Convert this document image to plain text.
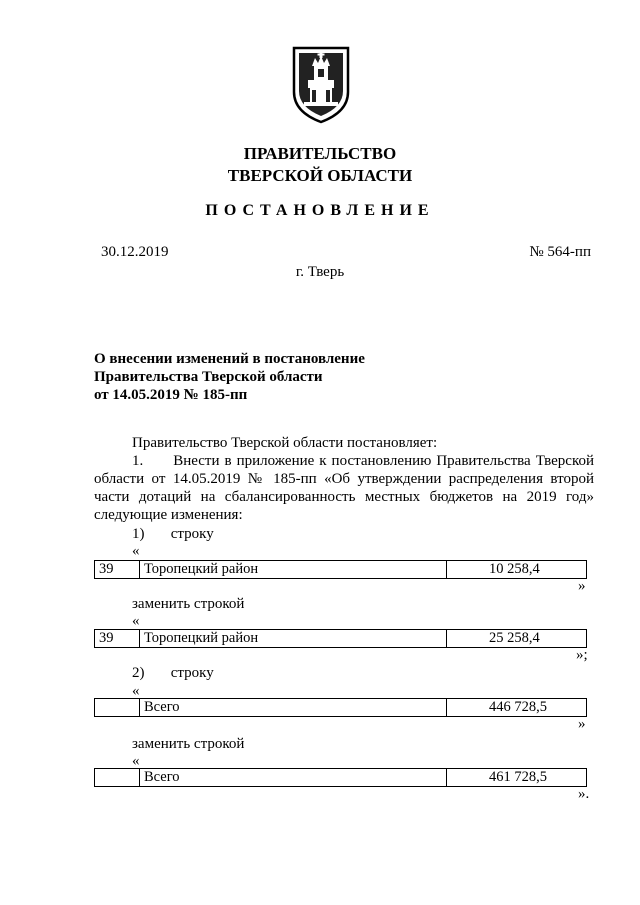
ПРАВИТЕЛЬСТВО
ТВЕРСКОЙ ОБЛАСТИ
ПОСТАНОВЛЕНИЕ
30.12.2019	№ 564-пп
г. Тверь
О внесении изменений в постановление
Правительства Тверской области
от 14.05.2019 № 185-пп
Правительство Тверской области постановляет:
1.      Внести в приложение к постановлению Правительства Тверской области от 14.05.2019 № 185-пп «Об утверждении распределения второй части дотаций на сбалансированность местных бюджетов на 2019 год» следующие изменения:
1)       строку
«
39	Торопецкий район	10 258,4
»
заменить строкой
«
39	Торопецкий район	25 258,4
»;
2)       строку
«
	Всего	446 728,5
»
заменить строкой
«
	Всего	461 728,5
».
